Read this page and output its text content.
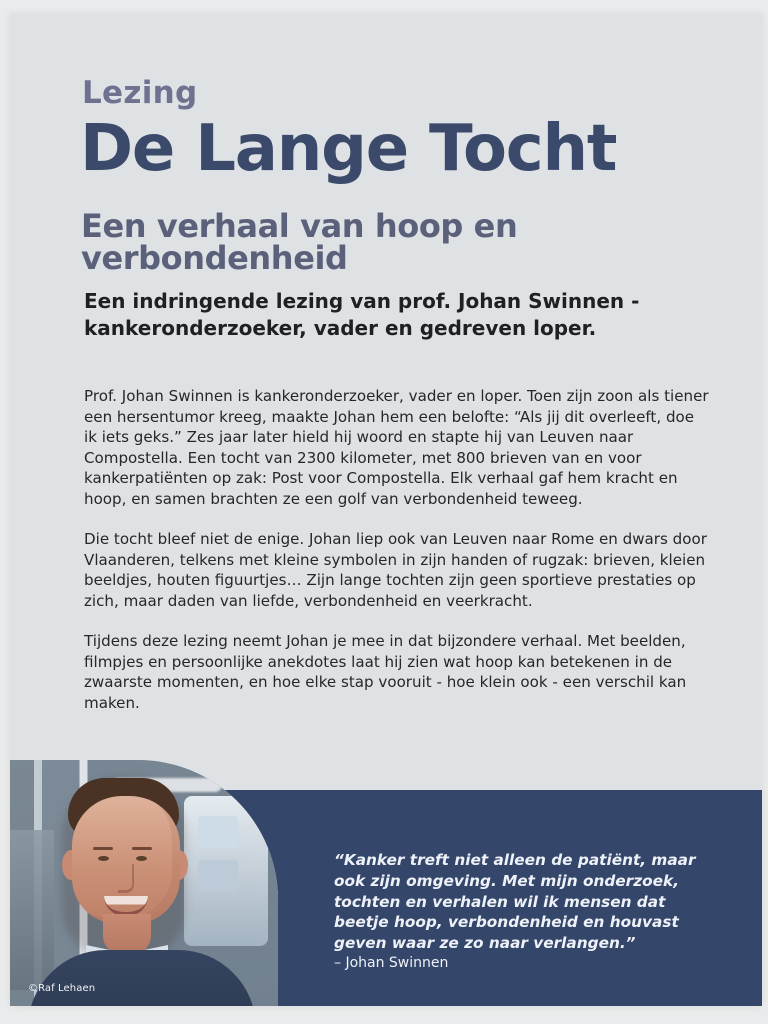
Lezing
De Lange Tocht
Een verhaal van hoop en verbondenheid
Een indringende lezing van prof. Johan Swinnen - kankeronderzoeker, vader en gedreven loper.

Prof. Johan Swinnen is kankeronderzoeker, vader en loper. Toen zijn zoon als tiener een hersentumor kreeg, maakte Johan hem een belofte: “Als jij dit overleeft, doe ik iets geks.” Zes jaar later hield hij woord en stapte hij van Leuven naar Compostella. Een tocht van 2300 kilometer, met 800 brieven van en voor kankerpatiënten op zak: Post voor Compostella. Elk verhaal gaf hem kracht en hoop, en samen brachten ze een golf van verbondenheid teweeg.

Die tocht bleef niet de enige. Johan liep ook van Leuven naar Rome en dwars door Vlaanderen, telkens met kleine symbolen in zijn handen of rugzak: brieven, kleien beeldjes, houten figuurtjes… Zijn lange tochten zijn geen sportieve prestaties op zich, maar daden van liefde, verbondenheid en veerkracht.

Tijdens deze lezing neemt Johan je mee in dat bijzondere verhaal. Met beelden, filmpjes en persoonlijke anekdotes laat hij zien wat hoop kan betekenen in de zwaarste momenten, en hoe elke stap vooruit - hoe klein ook - een verschil kan maken.

©Raf Lehaen

“Kanker treft niet alleen de patiënt, maar ook zijn omgeving. Met mijn onderzoek, tochten en verhalen wil ik mensen dat beetje hoop, verbondenheid en houvast geven waar ze zo naar verlangen.”

– Johan Swinnen
